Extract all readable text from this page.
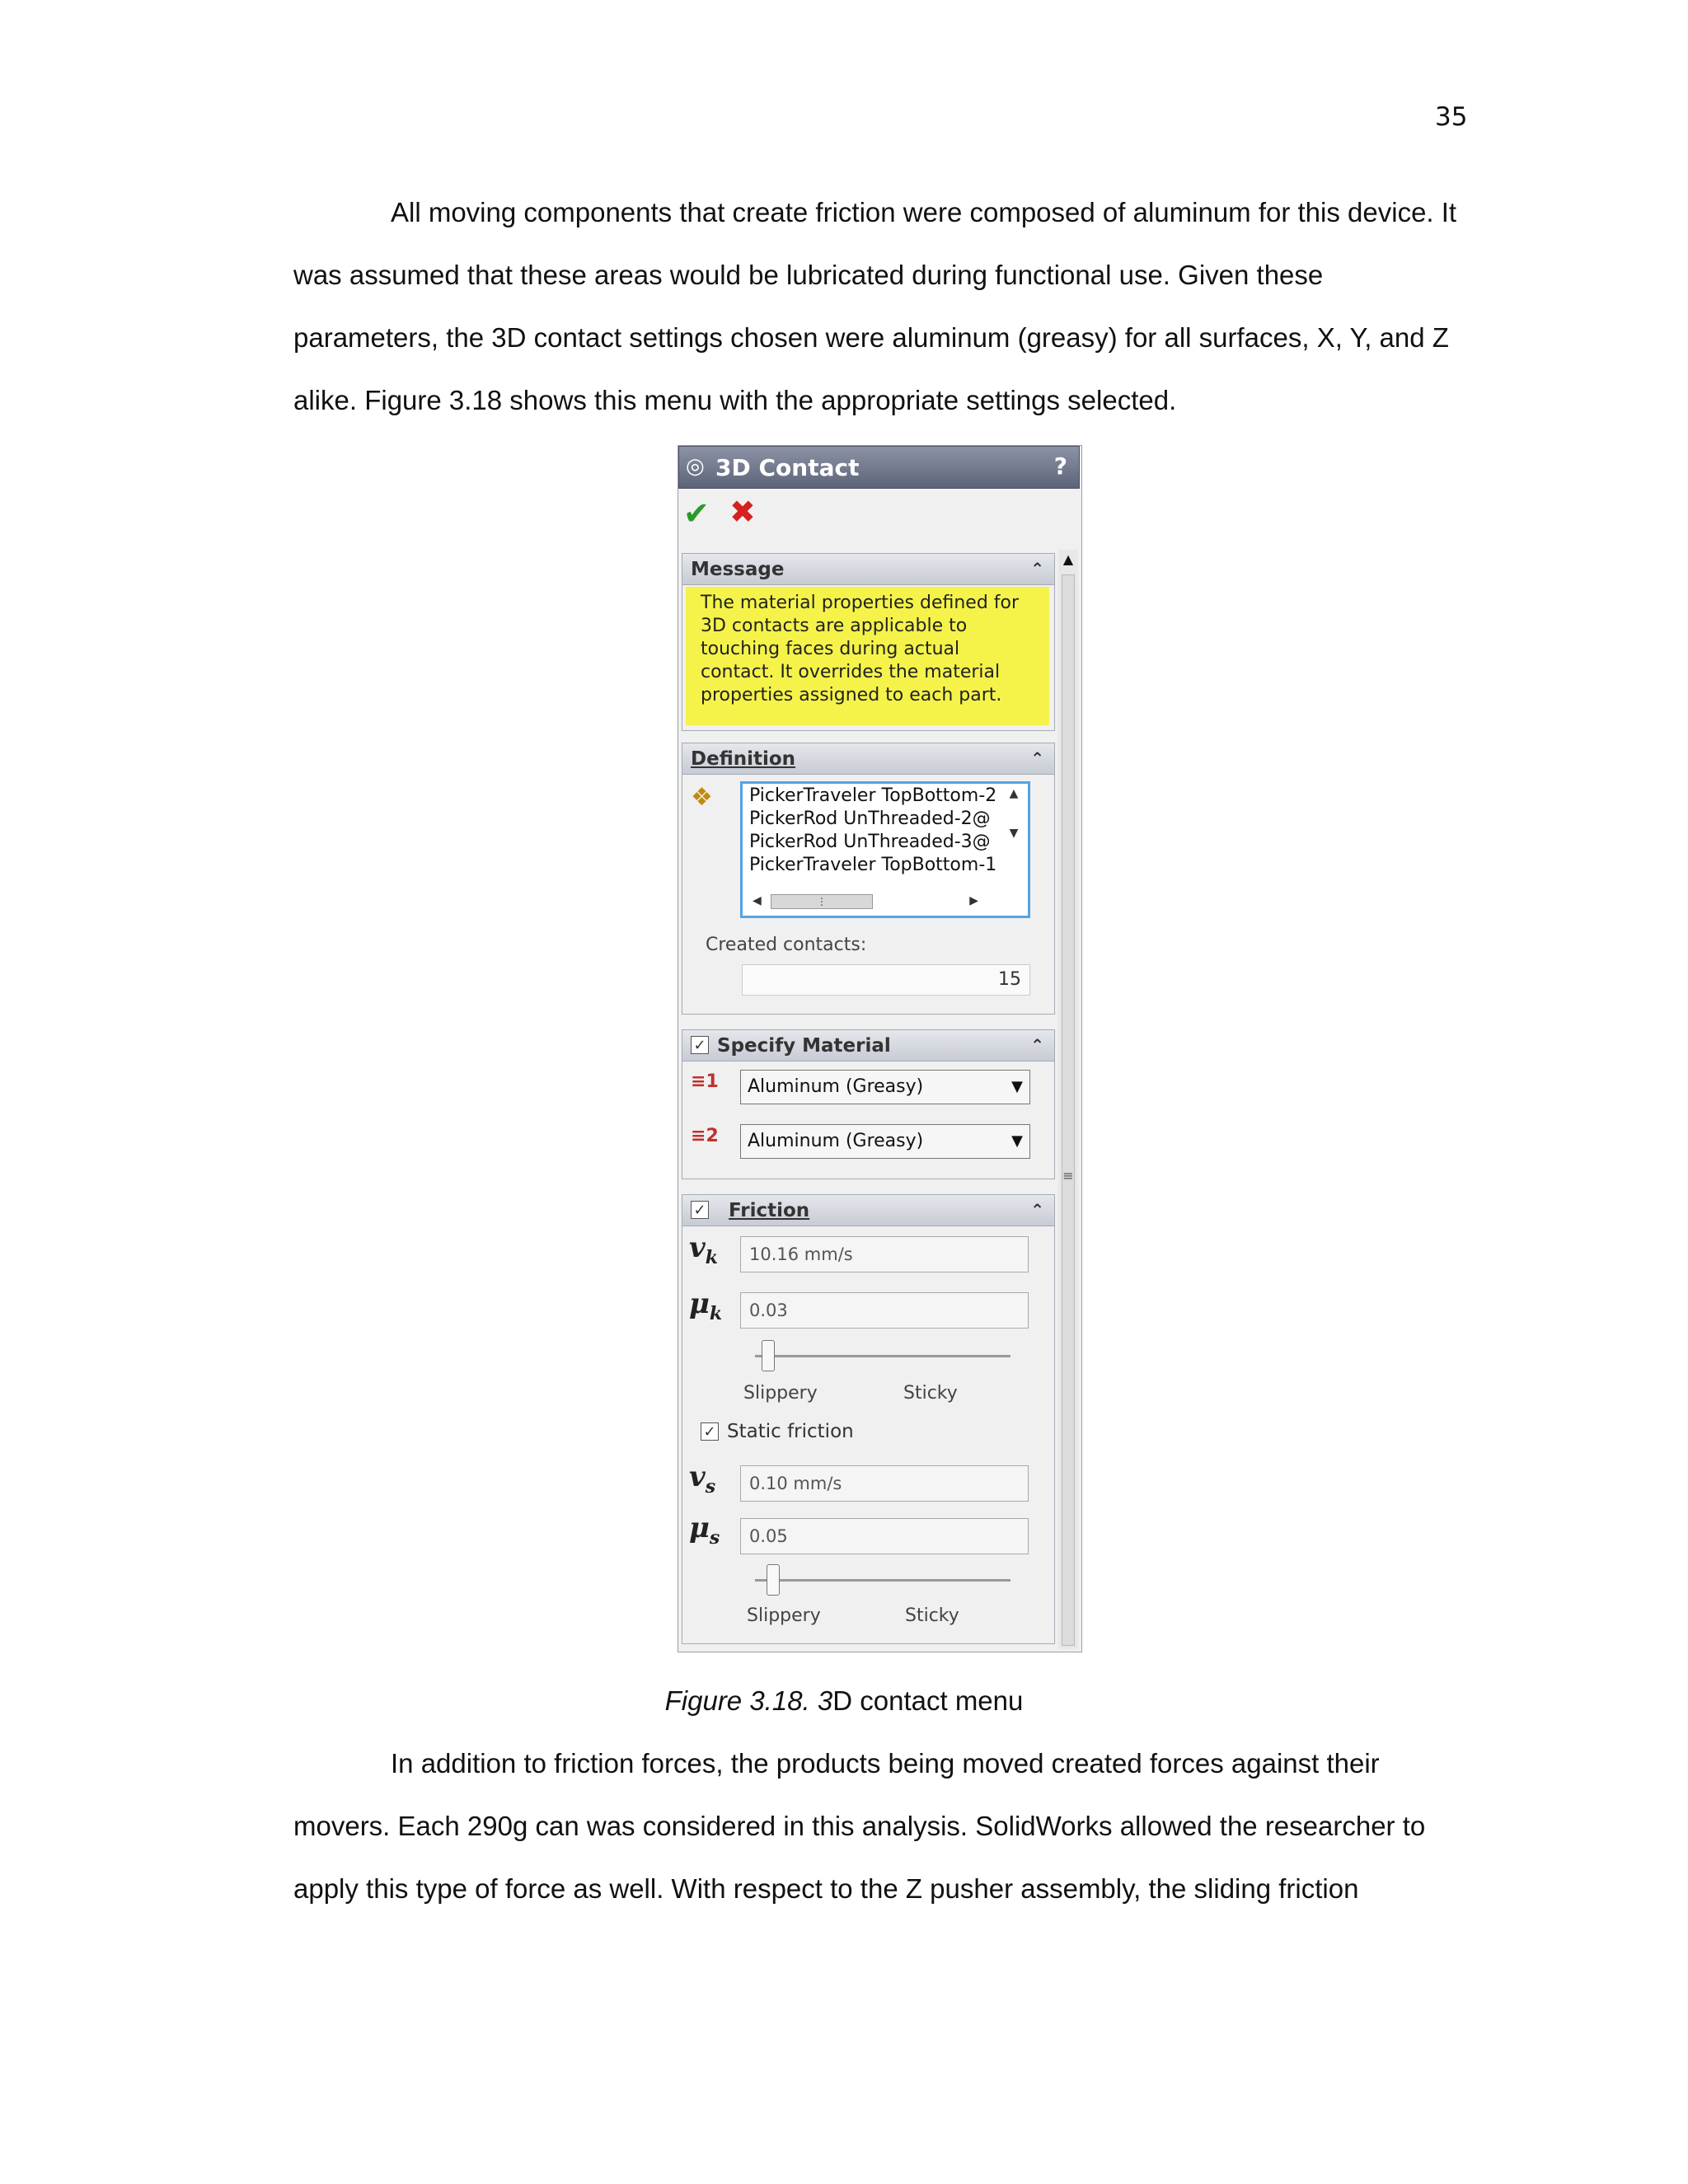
35

All moving components that create friction were composed of aluminum for this device. It
was assumed that these areas would be lubricated during functional use. Given these
parameters, the 3D contact settings chosen were aluminum (greasy) for all surfaces, X, Y, and Z
alike. Figure 3.18 shows this menu with the appropriate settings selected.

◎ 3D Contact	?
✔ ✖
▲
≡
Message	⌃
The material properties defined for
3D contacts are applicable to
touching faces during actual
contact. It overrides the material
properties assigned to each part.
Definition	⌃
❖ PickerTraveler TopBottom-2
PickerRod UnThreaded-2@
PickerRod UnThreaded-3@
PickerTraveler TopBottom-1
▲

▼
◀	⋮	▶
Created contacts:
15
✓ Specify Material	⌃
≡1	Aluminum (Greasy)	▼
≡2	Aluminum (Greasy)	▼
✓ Friction	⌃
$v_k$	10.16 mm/s
$\mu_k$	0.03
Slippery	Sticky
✓ Static friction
$v_s$	0.10 mm/s
$\mu_s$	0.05
Slippery	Sticky
Figure 3.18. 3D contact menu

In addition to friction forces, the products being moved created forces against their
movers. Each 290g can was considered in this analysis. SolidWorks allowed the researcher to
apply this type of force as well. With respect to the Z pusher assembly, the sliding friction
